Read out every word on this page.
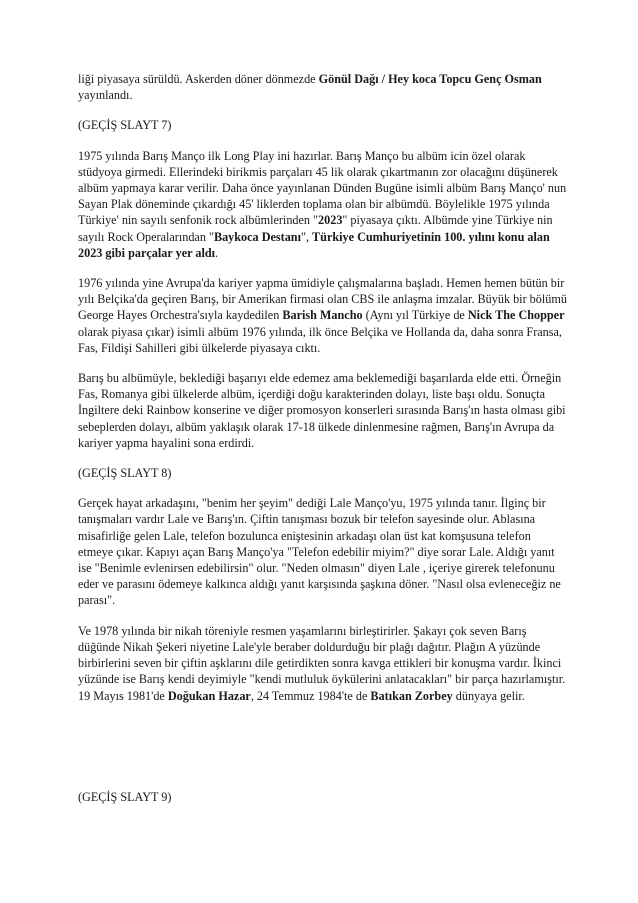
liği piyasaya sürüldü. Askerden döner dönmezde Gönül Dağı / Hey koca Topcu Genç Osman yayınlandı.

(GEÇİŞ SLAYT 7)

1975 yılında Barış Manço ilk Long Play ini hazırlar. Barış Manço bu albüm icin özel olarak stüdyoya girmedi. Ellerindeki birikmis parçaları 45 lik olarak çıkartmanın zor olacağını düşünerek albüm yapmaya karar verilir. Daha önce yayınlanan Dünden Bugüne isimli albüm Barış Manço' nun Sayan Plak döneminde çıkardığı 45' liklerden toplama olan bir albümdü. Böylelikle 1975 yılında Türkiye' nin sayılı senfonik rock albümlerinden "2023" piyasaya çıktı. Albümde yine Türkiye nin sayılı Rock Operalarından "Baykoca Destanı", Türkiye Cumhuriyetinin 100. yılını konu alan 2023 gibi parçalar yer aldı.

1976 yılında yine Avrupa'da kariyer yapma ümidiyle çalışmalarına başladı. Hemen hemen bütün bir yılı Belçika'da geçiren Barış, bir Amerikan firmasi olan CBS ile anlaşma imzalar. Büyük bir bölümü George Hayes Orchestra'sıyla kaydedilen Barish Mancho (Aynı yıl Türkiye de Nick The Chopper olarak piyasa çıkar) isimli albüm 1976 yılında, ilk önce Belçika ve Hollanda da, daha sonra Fransa, Fas, Fildişi Sahilleri gibi ülkelerde piyasaya cıktı.

Barış bu albümüyle, beklediği başarıyı elde edemez ama beklemediği başarılarda elde etti. Örneğin Fas, Romanya gibi ülkelerde albüm, içerdiği doğu karakterinden dolayı, liste başı oldu. Sonuçta İngiltere deki Rainbow konserine ve diğer promosyon konserleri sırasında Barış'ın hasta olması gibi sebeplerden dolayı, albüm yaklaşık olarak 17-18 ülkede dinlenmesine rağmen, Barış'ın Avrupa da kariyer yapma hayalini sona erdirdi.

(GEÇİŞ SLAYT 8)

Gerçek hayat arkadaşını, "benim her şeyim" dediği Lale Manço'yu, 1975 yılında tanır. İlginç bir tanışmaları vardır Lale ve Barış'ın. Çiftin tanışması bozuk bir telefon sayesinde olur. Ablasına misafirliğe gelen Lale, telefon bozulunca eniştesinin arkadaşı olan üst kat komşusuna telefon etmeye çıkar. Kapıyı açan Barış Manço'ya "Telefon edebilir miyim?" diye sorar Lale. Aldığı yanıt ise "Benimle evlenirsen edebilirsin" olur. "Neden olmasın" diyen Lale , içeriye girerek telefonunu eder ve parasını ödemeye kalkınca aldığı yanıt karşısında şaşkına döner. "Nasıl olsa evleneceğiz ne parası".

Ve 1978 yılında bir nikah töreniyle resmen yaşamlarını birleştirirler. Şakayı çok seven Barış düğünde Nikah Şekeri niyetine Lale'yle beraber doldurduğu bir plağı dağıtır. Plağın A yüzünde birbirlerini seven bir çiftin aşklarını dile getirdikten sonra kavga ettikleri bir konuşma vardır. İkinci yüzünde ise Barış kendi deyimiyle "kendi mutluluk öykülerini anlatacakları" bir parça hazırlamıştır. 19 Mayıs 1981'de Doğukan Hazar, 24 Temmuz 1984'te de Batıkan Zorbey dünyaya gelir.

(GEÇİŞ SLAYT 9)
